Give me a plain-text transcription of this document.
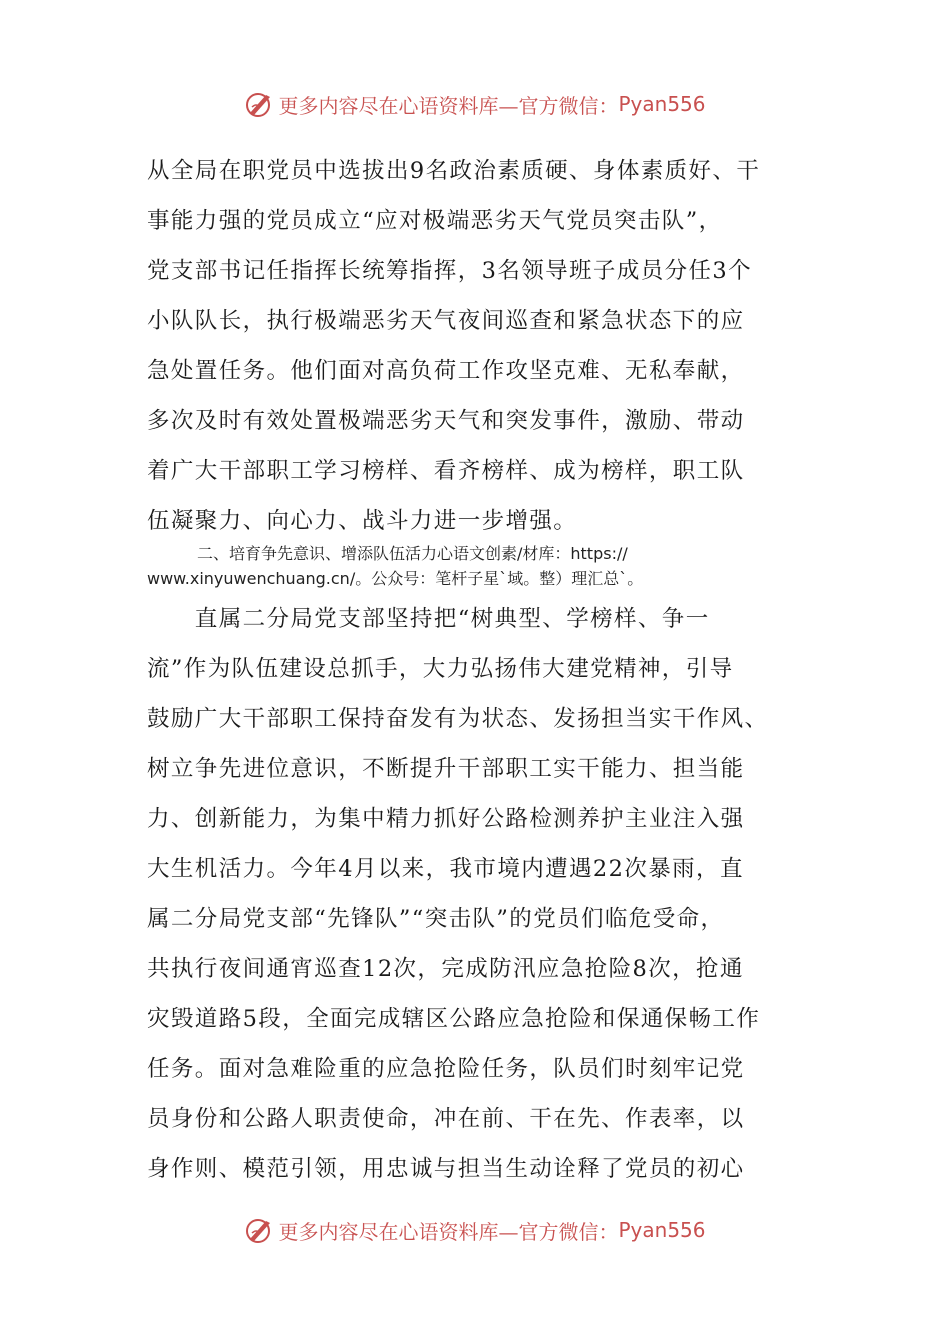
更多内容尽在心语资料库—官方微信： Pyan556
从全局在职党员中选拔出9名政治素质硬、身体素质好、干
事能力强的党员成立“应对极端恶劣天气党员突击队”，
党支部书记任指挥长统筹指挥，3名领导班子成员分任3个
小队队长，执行极端恶劣天气夜间巡查和紧急状态下的应
急处置任务。他们面对高负荷工作攻坚克难、无私奉献，
多次及时有效处置极端恶劣天气和突发事件，激励、带动
着广大干部职工学习榜样、看齐榜样、成为榜样，职工队
伍凝聚力、向心力、战斗力进一步增强。
二、培育争先意识、增添队伍活力心语文创素/材库：https://
www.xinyuwenchuang.cn/。公众号：笔杆子星`域。整）理汇总`。
　　直属二分局党支部坚持把“树典型、学榜样、争一
流”作为队伍建设总抓手，大力弘扬伟大建党精神，引导
鼓励广大干部职工保持奋发有为状态、发扬担当实干作风、
树立争先进位意识，不断提升干部职工实干能力、担当能
力、创新能力，为集中精力抓好公路检测养护主业注入强
大生机活力。今年4月以来，我市境内遭遇22次暴雨，直
属二分局党支部“先锋队”“突击队”的党员们临危受命，
共执行夜间通宵巡查12次，完成防汛应急抢险8次，抢通
灾毁道路5段，全面完成辖区公路应急抢险和保通保畅工作
任务。面对急难险重的应急抢险任务，队员们时刻牢记党
员身份和公路人职责使命，冲在前、干在先、作表率，以
身作则、模范引领，用忠诚与担当生动诠释了党员的初心
更多内容尽在心语资料库—官方微信： Pyan556
